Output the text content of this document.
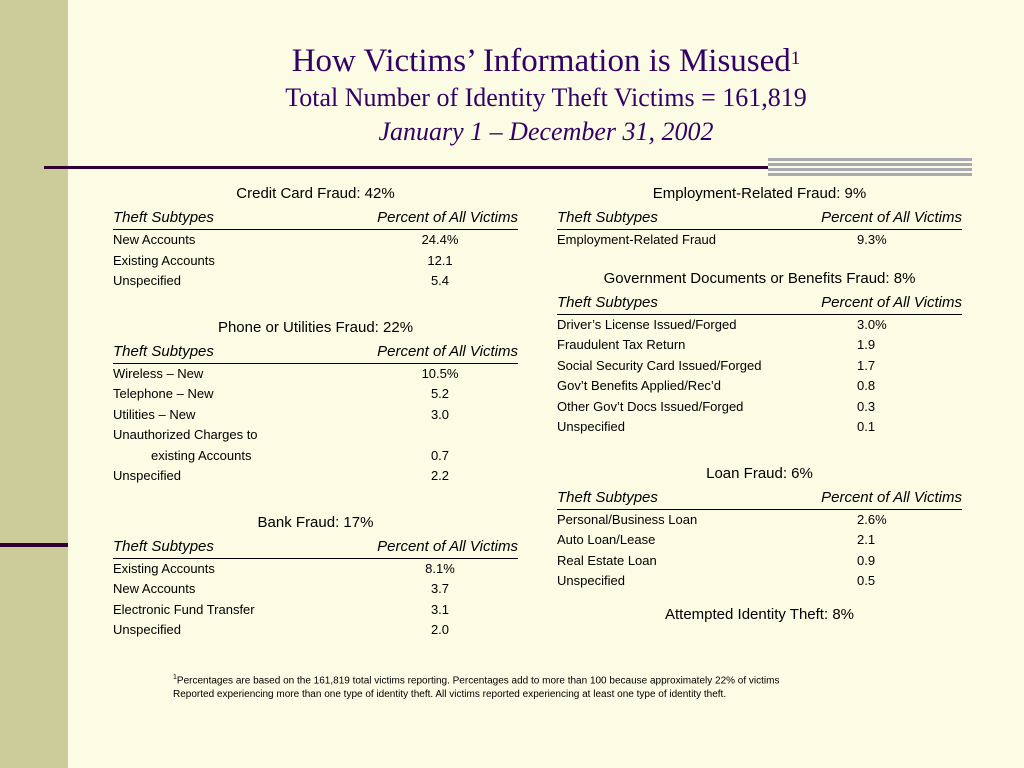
How Victims’ Information is Misused$^1$
Total Number of Identity Theft Victims = 161,819
January 1 – December 31, 2002
Credit Card Fraud: 42%
Theft Subtypes	Percent of All Victims
New Accounts	24.4%
Existing Accounts	12.1
Unspecified	5.4
Phone or Utilities Fraud: 22%
Theft Subtypes	Percent of All Victims
Wireless – New	10.5%
Telephone – New	5.2
Utilities – New	3.0
Unauthorized Charges to
existing Accounts	0.7
Unspecified	2.2
Bank Fraud: 17%
Theft Subtypes	Percent of All Victims
Existing Accounts	8.1%
New Accounts	3.7
Electronic Fund Transfer	3.1
Unspecified	2.0
Employment-Related Fraud: 9%
Theft Subtypes	Percent of All Victims
Employment-Related Fraud	9.3%
Government Documents or Benefits Fraud: 8%
Theft Subtypes	Percent of All Victims
Driver’s License Issued/Forged	3.0%
Fraudulent Tax Return	1.9
Social Security Card Issued/Forged	1.7
Gov’t Benefits Applied/Rec’d	0.8
Other Gov’t Docs Issued/Forged	0.3
Unspecified	0.1
Loan Fraud: 6%
Theft Subtypes	Percent of All Victims
Personal/Business Loan	2.6%
Auto Loan/Lease	2.1
Real Estate Loan	0.9
Unspecified	0.5
Attempted Identity Theft: 8%
$^1$Percentages are based on the 161,819 total victims reporting. Percentages add to more than 100 because approximately 22% of victims
Reported experiencing more than one type of identity theft. All victims reported experiencing at least one type of identity theft.
